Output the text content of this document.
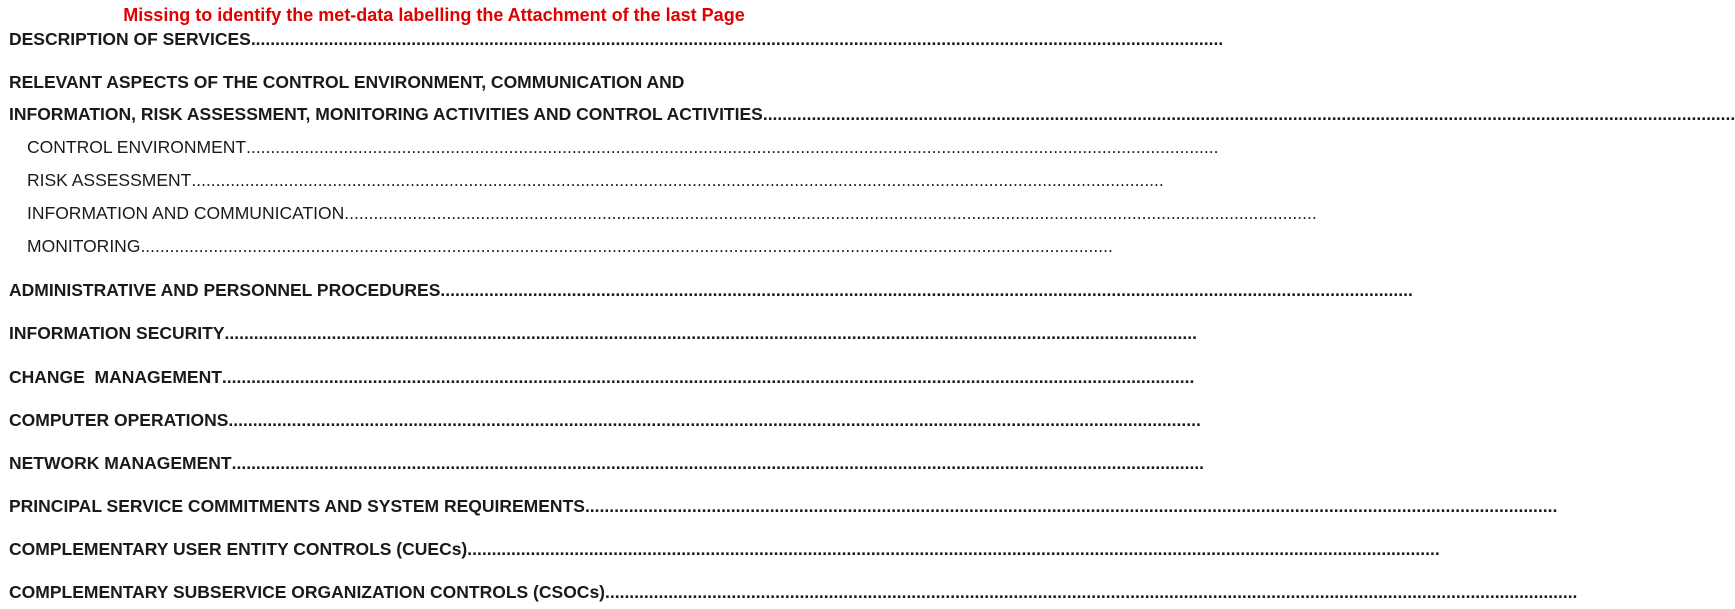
Missing to identify the met-data labelling the Attachment of the last Page
DESCRIPTION OF SERVICES ........................................................................................................................................................................................................
RELEVANT ASPECTS OF THE CONTROL ENVIRONMENT, COMMUNICATION AND
INFORMATION, RISK ASSESSMENT, MONITORING ACTIVITIES AND CONTROL ACTIVITIES ........................................................................................................................................................................................................
CONTROL ENVIRONMENT ........................................................................................................................................................................................................
RISK ASSESSMENT ........................................................................................................................................................................................................
INFORMATION AND COMMUNICATION ........................................................................................................................................................................................................
MONITORING ........................................................................................................................................................................................................
ADMINISTRATIVE AND PERSONNEL PROCEDURES ........................................................................................................................................................................................................
INFORMATION SECURITY ........................................................................................................................................................................................................
CHANGE  MANAGEMENT ........................................................................................................................................................................................................
COMPUTER OPERATIONS ........................................................................................................................................................................................................
NETWORK MANAGEMENT ........................................................................................................................................................................................................
PRINCIPAL SERVICE COMMITMENTS AND SYSTEM REQUIREMENTS ........................................................................................................................................................................................................
COMPLEMENTARY USER ENTITY CONTROLS (CUECs) ........................................................................................................................................................................................................
COMPLEMENTARY SUBSERVICE ORGANIZATION CONTROLS (CSOCs) ........................................................................................................................................................................................................
